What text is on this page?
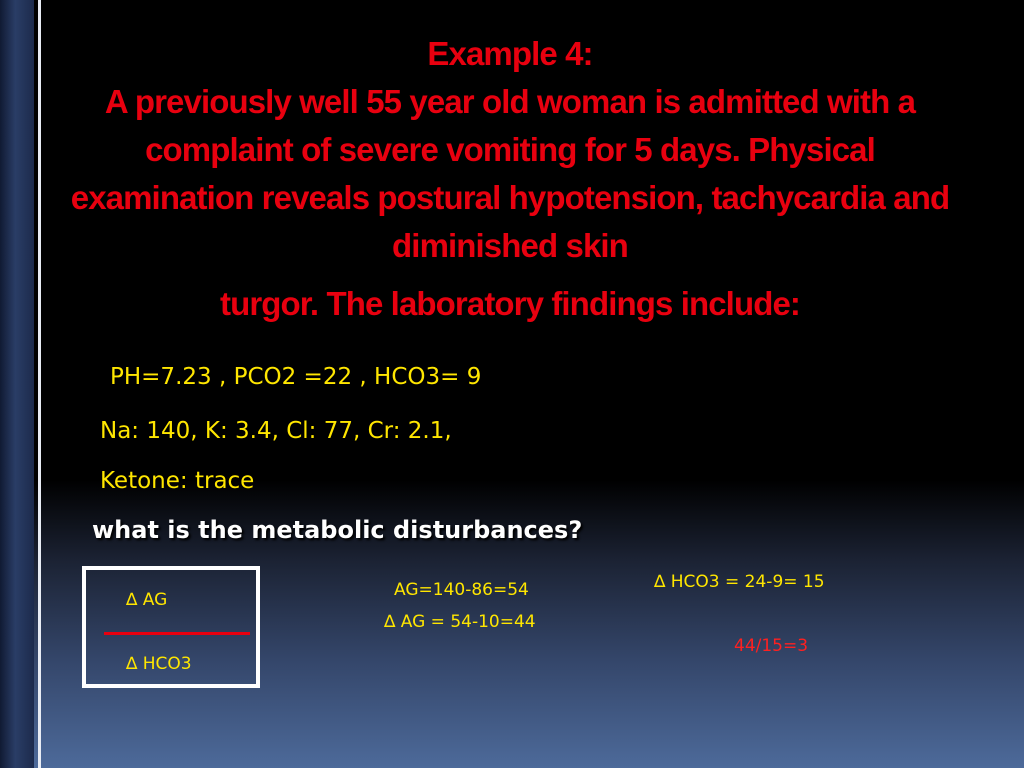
Example 4:
A previously well 55 year old woman is admitted with a complaint of severe vomiting for 5 days. Physical examination reveals postural hypotension, tachycardia and diminished skin
turgor. The laboratory findings include:
PH=7.23 , PCO2 =22 , HCO3= 9
Na: 140, K: 3.4, Cl: 77, Cr: 2.1,
Ketone: trace
what is the metabolic disturbances?
∆ AG
∆ HCO3
AG=140-86=54
∆ AG = 54-10=44
∆ HCO3 = 24-9= 15
44/15=3
